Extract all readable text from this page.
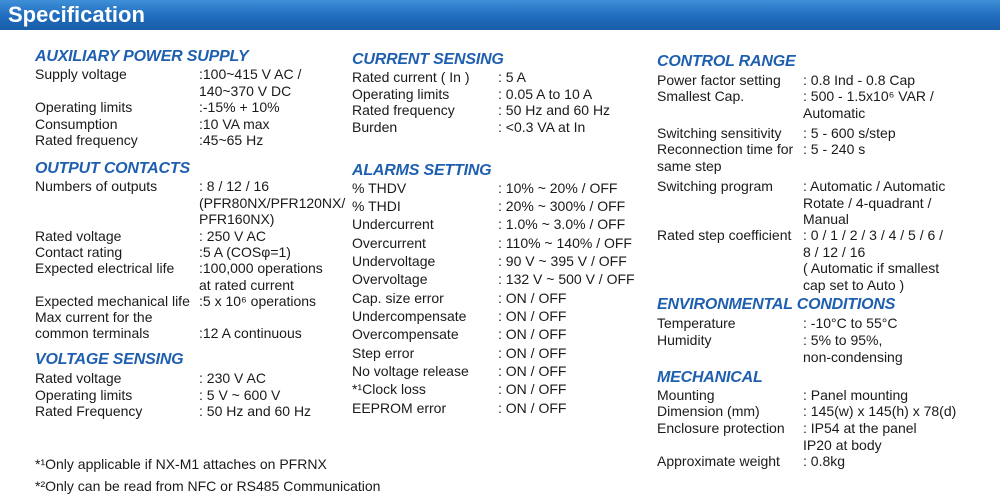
Specification
AUXILIARY POWER SUPPLY
Supply voltage	:100~415 V AC /
140~370 V DC
Operating limits	:-15% + 10%
Consumption	:10 VA max
Rated frequency	:45~65 Hz
OUTPUT CONTACTS
Numbers of outputs	: 8 / 12 / 16
(PFR80NX/PFR120NX/
PFR160NX)
Rated voltage	: 250 V AC
Contact rating	:5 A (COSφ=1)
Expected electrical life :100,000 operations
at rated current
Expected mechanical life :5 x 10⁶ operations
Max current for the
common terminals	:12 A continuous
VOLTAGE SENSING
Rated voltage	: 230 V AC
Operating limits	: 5 V ~ 600 V
Rated Frequency	: 50 Hz and 60 Hz
CURRENT SENSING
Rated current ( In ) : 5 A
Operating limits	: 0.05 A to 10 A
Rated frequency	: 50 Hz and 60 Hz
Burden	: <0.3 VA at In
ALARMS SETTING
% THDV	: 10% ~ 20% / OFF
% THDI	: 20% ~ 300% / OFF
Undercurrent	: 1.0% ~ 3.0% / OFF
Overcurrent	: 110% ~ 140% / OFF
Undervoltage	: 90 V ~ 395 V / OFF
Overvoltage	: 132 V ~ 500 V / OFF
Cap. size error	: ON / OFF
Undercompensate : ON / OFF
Overcompensate	: ON / OFF
Step error	: ON / OFF
No voltage release : ON / OFF
*¹Clock loss	: ON / OFF
EEPROM error	: ON / OFF
CONTROL RANGE
Power factor setting	: 0.8 Ind - 0.8 Cap
Smallest Cap.	: 500 - 1.5x10⁶ VAR /
Automatic
Switching sensitivity	: 5 - 600 s/step
Reconnection time for same step
: 5 - 240 s
Switching program	: Automatic / Automatic
Rotate / 4-quadrant /
Manual
Rated step coefficient : 0 / 1 / 2 / 3 / 4 / 5 / 6 /
8 / 12 / 16
( Automatic if smallest
cap set to Auto )
ENVIRONMENTAL CONDITIONS
Temperature	: -10°C to 55°C
Humidity	: 5% to 95%,
non-condensing
MECHANICAL
Mounting	: Panel mounting
Dimension (mm)	: 145(w) x 145(h) x 78(d)
Enclosure protection	: IP54 at the panel
IP20 at body
Approximate weight	: 0.8kg
*¹Only applicable if NX-M1 attaches on PFRNX
*²Only can be read from NFC or RS485 Communication
